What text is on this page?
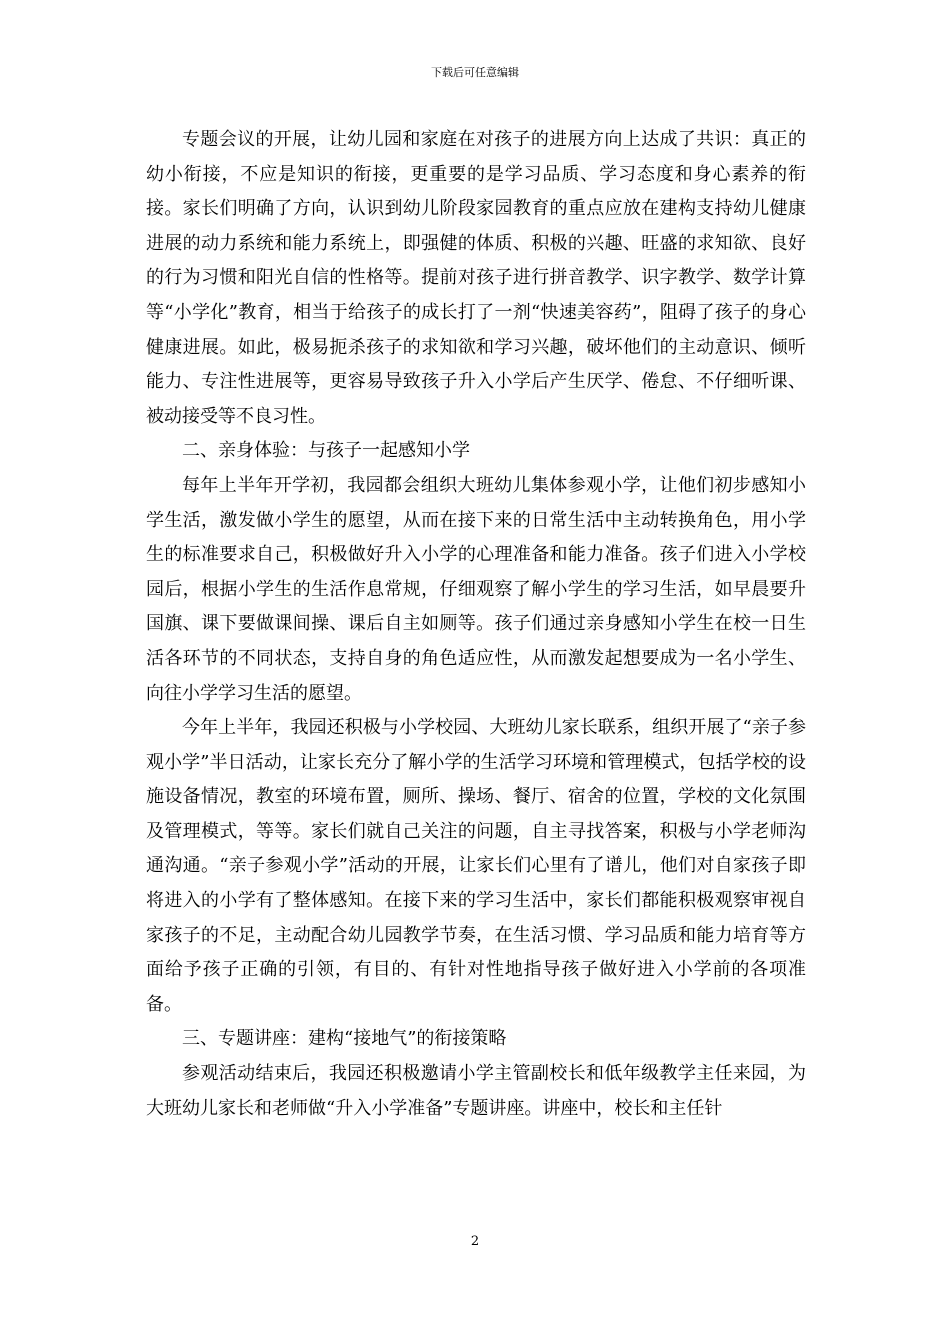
下载后可任意编辑

专题会议的开展，让幼儿园和家庭在对孩子的进展方向上达成了共识：真正的幼小衔接，不应是知识的衔接，更重要的是学习品质、学习态度和身心素养的衔接。家长们明确了方向，认识到幼儿阶段家园教育的重点应放在建构支持幼儿健康进展的动力系统和能力系统上，即强健的体质、积极的兴趣、旺盛的求知欲、良好的行为习惯和阳光自信的性格等。提前对孩子进行拼音教学、识字教学、数学计算等“小学化”教育，相当于给孩子的成长打了一剂“快速美容药”，阻碍了孩子的身心健康进展。如此，极易扼杀孩子的求知欲和学习兴趣，破坏他们的主动意识、倾听能力、专注性进展等，更容易导致孩子升入小学后产生厌学、倦怠、不仔细听课、被动接受等不良习性。

二、亲身体验：与孩子一起感知小学

每年上半年开学初，我园都会组织大班幼儿集体参观小学，让他们初步感知小学生活，激发做小学生的愿望，从而在接下来的日常生活中主动转换角色，用小学生的标准要求自己，积极做好升入小学的心理准备和能力准备。孩子们进入小学校园后，根据小学生的生活作息常规，仔细观察了解小学生的学习生活，如早晨要升国旗、课下要做课间操、课后自主如厕等。孩子们通过亲身感知小学生在校一日生活各环节的不同状态，支持自身的角色适应性，从而激发起想要成为一名小学生、向往小学学习生活的愿望。

今年上半年，我园还积极与小学校园、大班幼儿家长联系，组织开展了“亲子参观小学”半日活动，让家长充分了解小学的生活学习环境和管理模式，包括学校的设施设备情况，教室的环境布置，厕所、操场、餐厅、宿舍的位置，学校的文化氛围及管理模式，等等。家长们就自己关注的问题，自主寻找答案，积极与小学老师沟通沟通。“亲子参观小学”活动的开展，让家长们心里有了谱儿，他们对自家孩子即将进入的小学有了整体感知。在接下来的学习生活中，家长们都能积极观察审视自家孩子的不足，主动配合幼儿园教学节奏，在生活习惯、学习品质和能力培育等方面给予孩子正确的引领，有目的、有针对性地指导孩子做好进入小学前的各项准备。

三、专题讲座：建构“接地气”的衔接策略

参观活动结束后，我园还积极邀请小学主管副校长和低年级教学主任来园，为大班幼儿家长和老师做“升入小学准备”专题讲座。讲座中，校长和主任针

2
